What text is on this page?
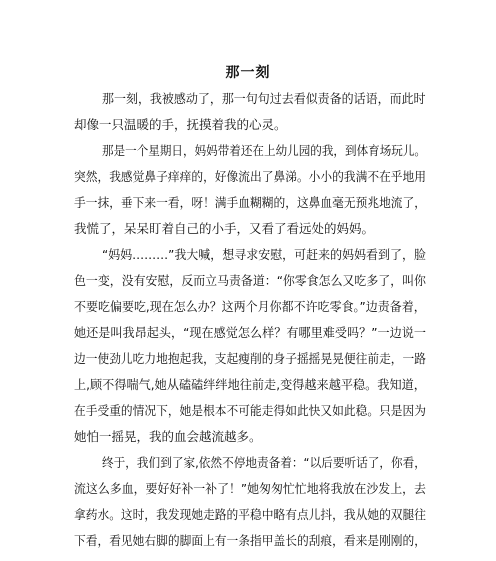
那一刻
那一刻，我被感动了，那一句句过去看似责备的话语，而此时
却像一只温暖的手，抚摸着我的心灵。
那是一个星期日，妈妈带着还在上幼儿园的我，到体育场玩儿。
突然，我感觉鼻子痒痒的，好像流出了鼻涕。小小的我满不在乎地用
手一抹，垂下来一看，呀！满手血糊糊的，这鼻血毫无预兆地流了，
我慌了，呆呆盯着自己的小手，又看了看远处的妈妈。
“妈妈………”我大喊，想寻求安慰，可赶来的妈妈看到了，脸
色一变，没有安慰，反而立马责备道：“你零食怎么又吃多了，叫你
不要吃偏要吃,现在怎么办？这两个月你都不许吃零食。”边责备着，
她还是叫我昂起头，“现在感觉怎么样？有哪里难受吗？”一边说一
边一使劲儿吃力地抱起我，支起瘦削的身子摇摇晃晃便往前走，一路
上,顾不得喘气,她从磕磕绊绊地往前走,变得越来越平稳。我知道，
在手受重的情况下，她是根本不可能走得如此快又如此稳。只是因为
她怕一摇晃，我的血会越流越多。
终于，我们到了家,依然不停地责备着：“以后要听话了，你看，
流这么多血，要好好补一补了！”她匆匆忙忙地将我放在沙发上，去
拿药水。这时，我发现她走路的平稳中略有点儿抖，我从她的双腿往
下看，看见她右脚的脚面上有一条指甲盖长的刮痕，看来是刚刚的，
